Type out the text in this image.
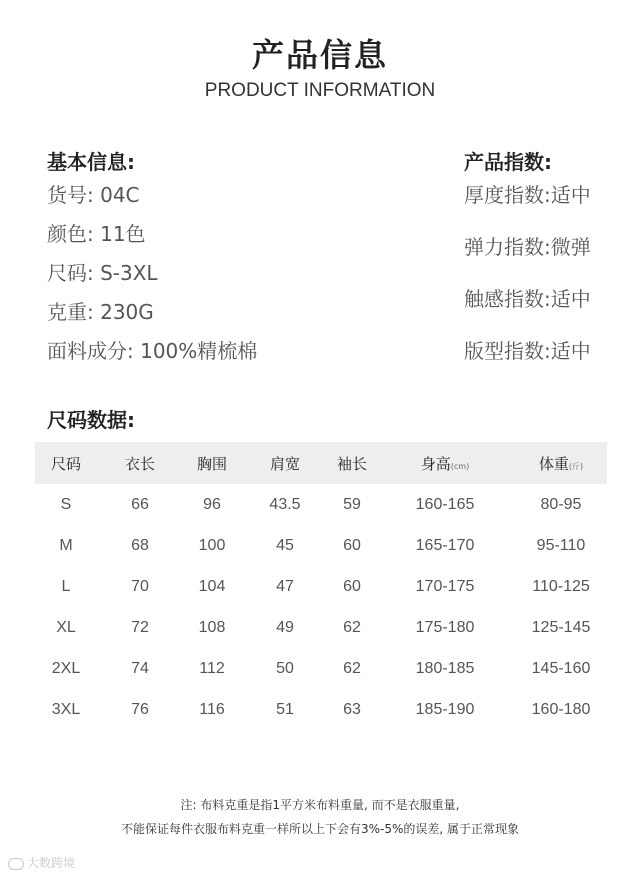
产品信息
PRODUCT INFORMATION
基本信息:
货号: 04C
颜色: 11色
尺码: S-3XL
克重: 230G
面料成分: 100%精梳棉
产品指数:
厚度指数:适中
弹力指数:微弹
触感指数:适中
版型指数:适中
尺码数据:
尺码	衣长	胸围	肩宽	袖长	身高(cm)	体重(斤)
S	66	96	43.5	59	160-165	80-95
M	68	100	45	60	165-170	95-110
L	70	104	47	60	170-175	110-125
XL	72	108	49	62	175-180	125-145
2XL	74	112	50	62	180-185	145-160
3XL	76	116	51	63	185-190	160-180
注: 布料克重是指1平方米布料重量, 而不是衣服重量,
不能保证每件衣服布料克重一样所以上下会有3%-5%的误差, 属于正常现象
大数跨境
